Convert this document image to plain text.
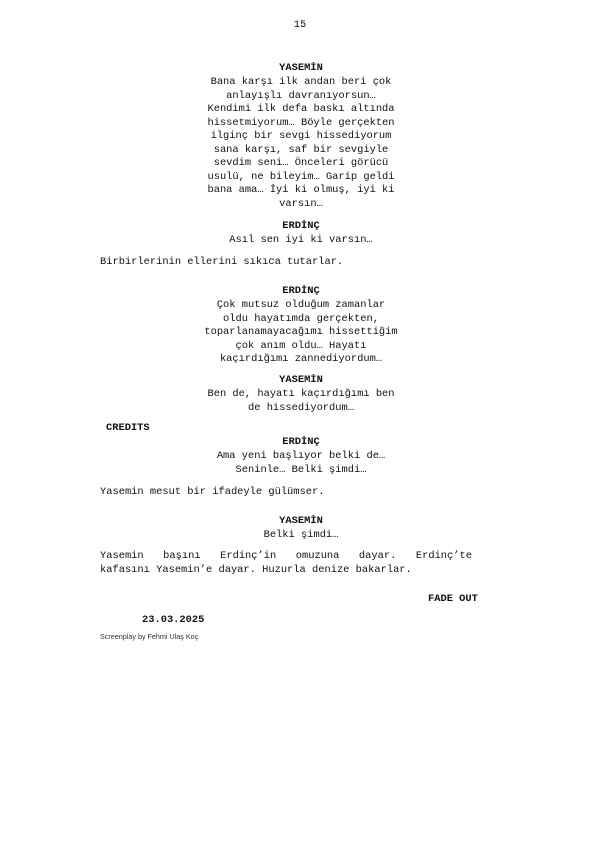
15
YASEMİN
Bana karşı ilk andan beri çok
anlayışlı davranıyorsun…
Kendimi ilk defa baskı altında
hissetmiyorum… Böyle gerçekten
ilginç bir sevgi hissediyorum
sana karşı, saf bir sevgiyle
sevdim seni… Önceleri görücü
usulü, ne bileyim… Garip geldi
bana ama… İyi ki olmuş, iyi ki
varsın…
ERDİNÇ
Asıl sen iyi ki varsın…
Birbirlerinin ellerini sıkıca tutarlar.
ERDİNÇ
Çok mutsuz olduğum zamanlar
oldu hayatımda gerçekten,
toparlanamayacağımı hissettiğim
çok anım oldu… Hayatı
kaçırdığımı zannediyordum…
YASEMİN
Ben de, hayatı kaçırdığımı ben
de hissediyordum…
CREDITS
ERDİNÇ
Ama yeni başlıyor belki de…
Seninle… Belki şimdi…
Yasemin mesut bir ifadeyle gülümser.
YASEMİN
Belki şimdi…
Yasemin başını Erdinç’in omuzuna dayar. Erdinç’te
kafasını Yasemin’e dayar. Huzurla denize bakarlar.
FADE OUT
23.03.2025
Screenplay by Fehmi Ulaş Koç
